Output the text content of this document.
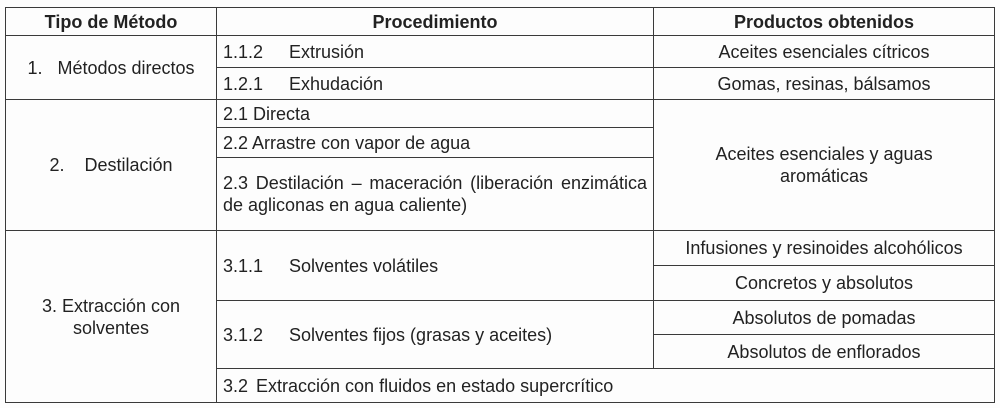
Tipo de Método	Procedimiento	Productos obtenidos
1.   Métodos directos	1.1.2 Extrusión	Aceites esenciales cítricos
	1.2.1 Exhudación	Gomas, resinas, bálsamos
2.    Destilación	2.1 Directa	Aceites esenciales y aguas aromáticas
	2.2 Arrastre con vapor de agua	
	2.3 Destilación – maceración (liberación enzimática de agliconas en agua caliente)	
3. Extracción con
solventes	3.1.1 Solventes volátiles	Infusiones y resinoides alcohólicos
		Concretos y absolutos
	3.1.2 Solventes fijos (grasas y aceites)	Absolutos de pomadas
		Absolutos de enflorados
	3.2 Extracción con fluidos en estado supercrítico	
